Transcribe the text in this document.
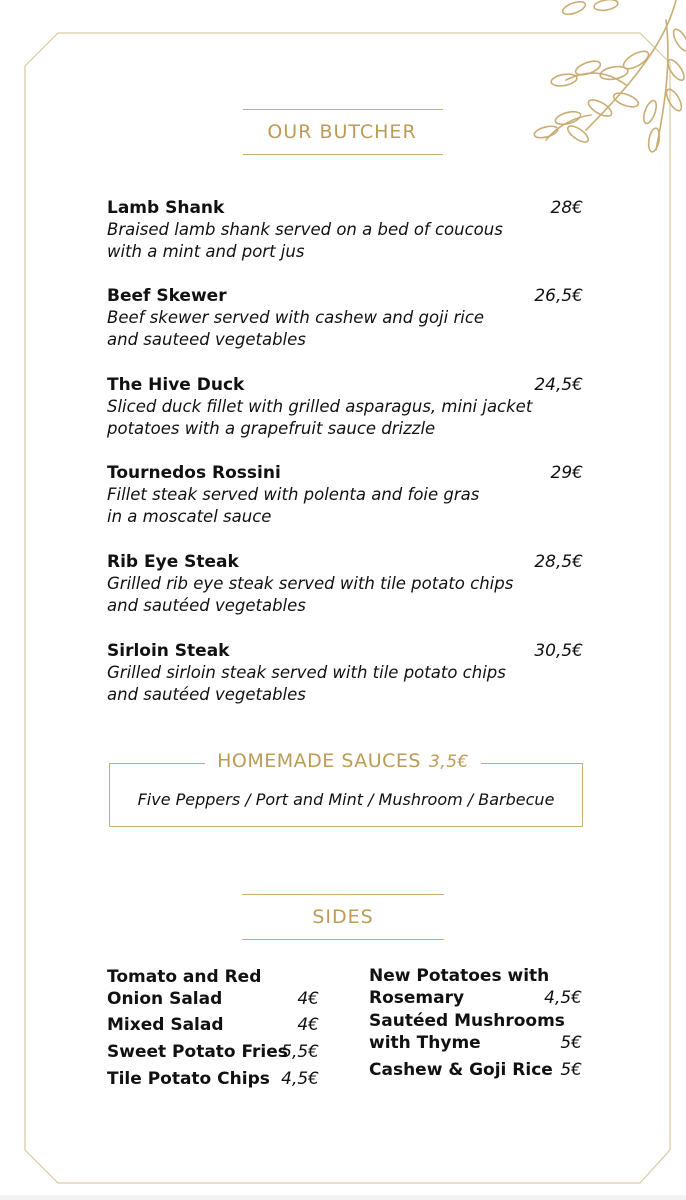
OUR BUTCHER
Lamb Shank	28€
Braised lamb shank served on a bed of coucous
with a mint and port jus
Beef Skewer	26,5€
Beef skewer served with cashew and goji rice
and sauteed vegetables
The Hive Duck	24,5€
Sliced duck fillet with grilled asparagus, mini jacket
potatoes with a grapefruit sauce drizzle
Tournedos Rossini	29€
Fillet steak served with polenta and foie gras
in a moscatel sauce
Rib Eye Steak	28,5€
Grilled rib eye steak served with tile potato chips
and sautéed vegetables
Sirloin Steak	30,5€
Grilled sirloin steak served with tile potato chips
and sautéed vegetables
HOMEMADE SAUCES 3,5€
Five Peppers / Port and Mint / Mushroom / Barbecue
SIDES
Tomato and Red
Onion Salad	4€
Mixed Salad	4€
Sweet Potato Fries
5,5€
Tile Potato Chips 4,5€
New Potatoes with
Rosemary	4,5€
Sautéed Mushrooms
with Thyme	5€
Cashew & Goji Rice 5€
